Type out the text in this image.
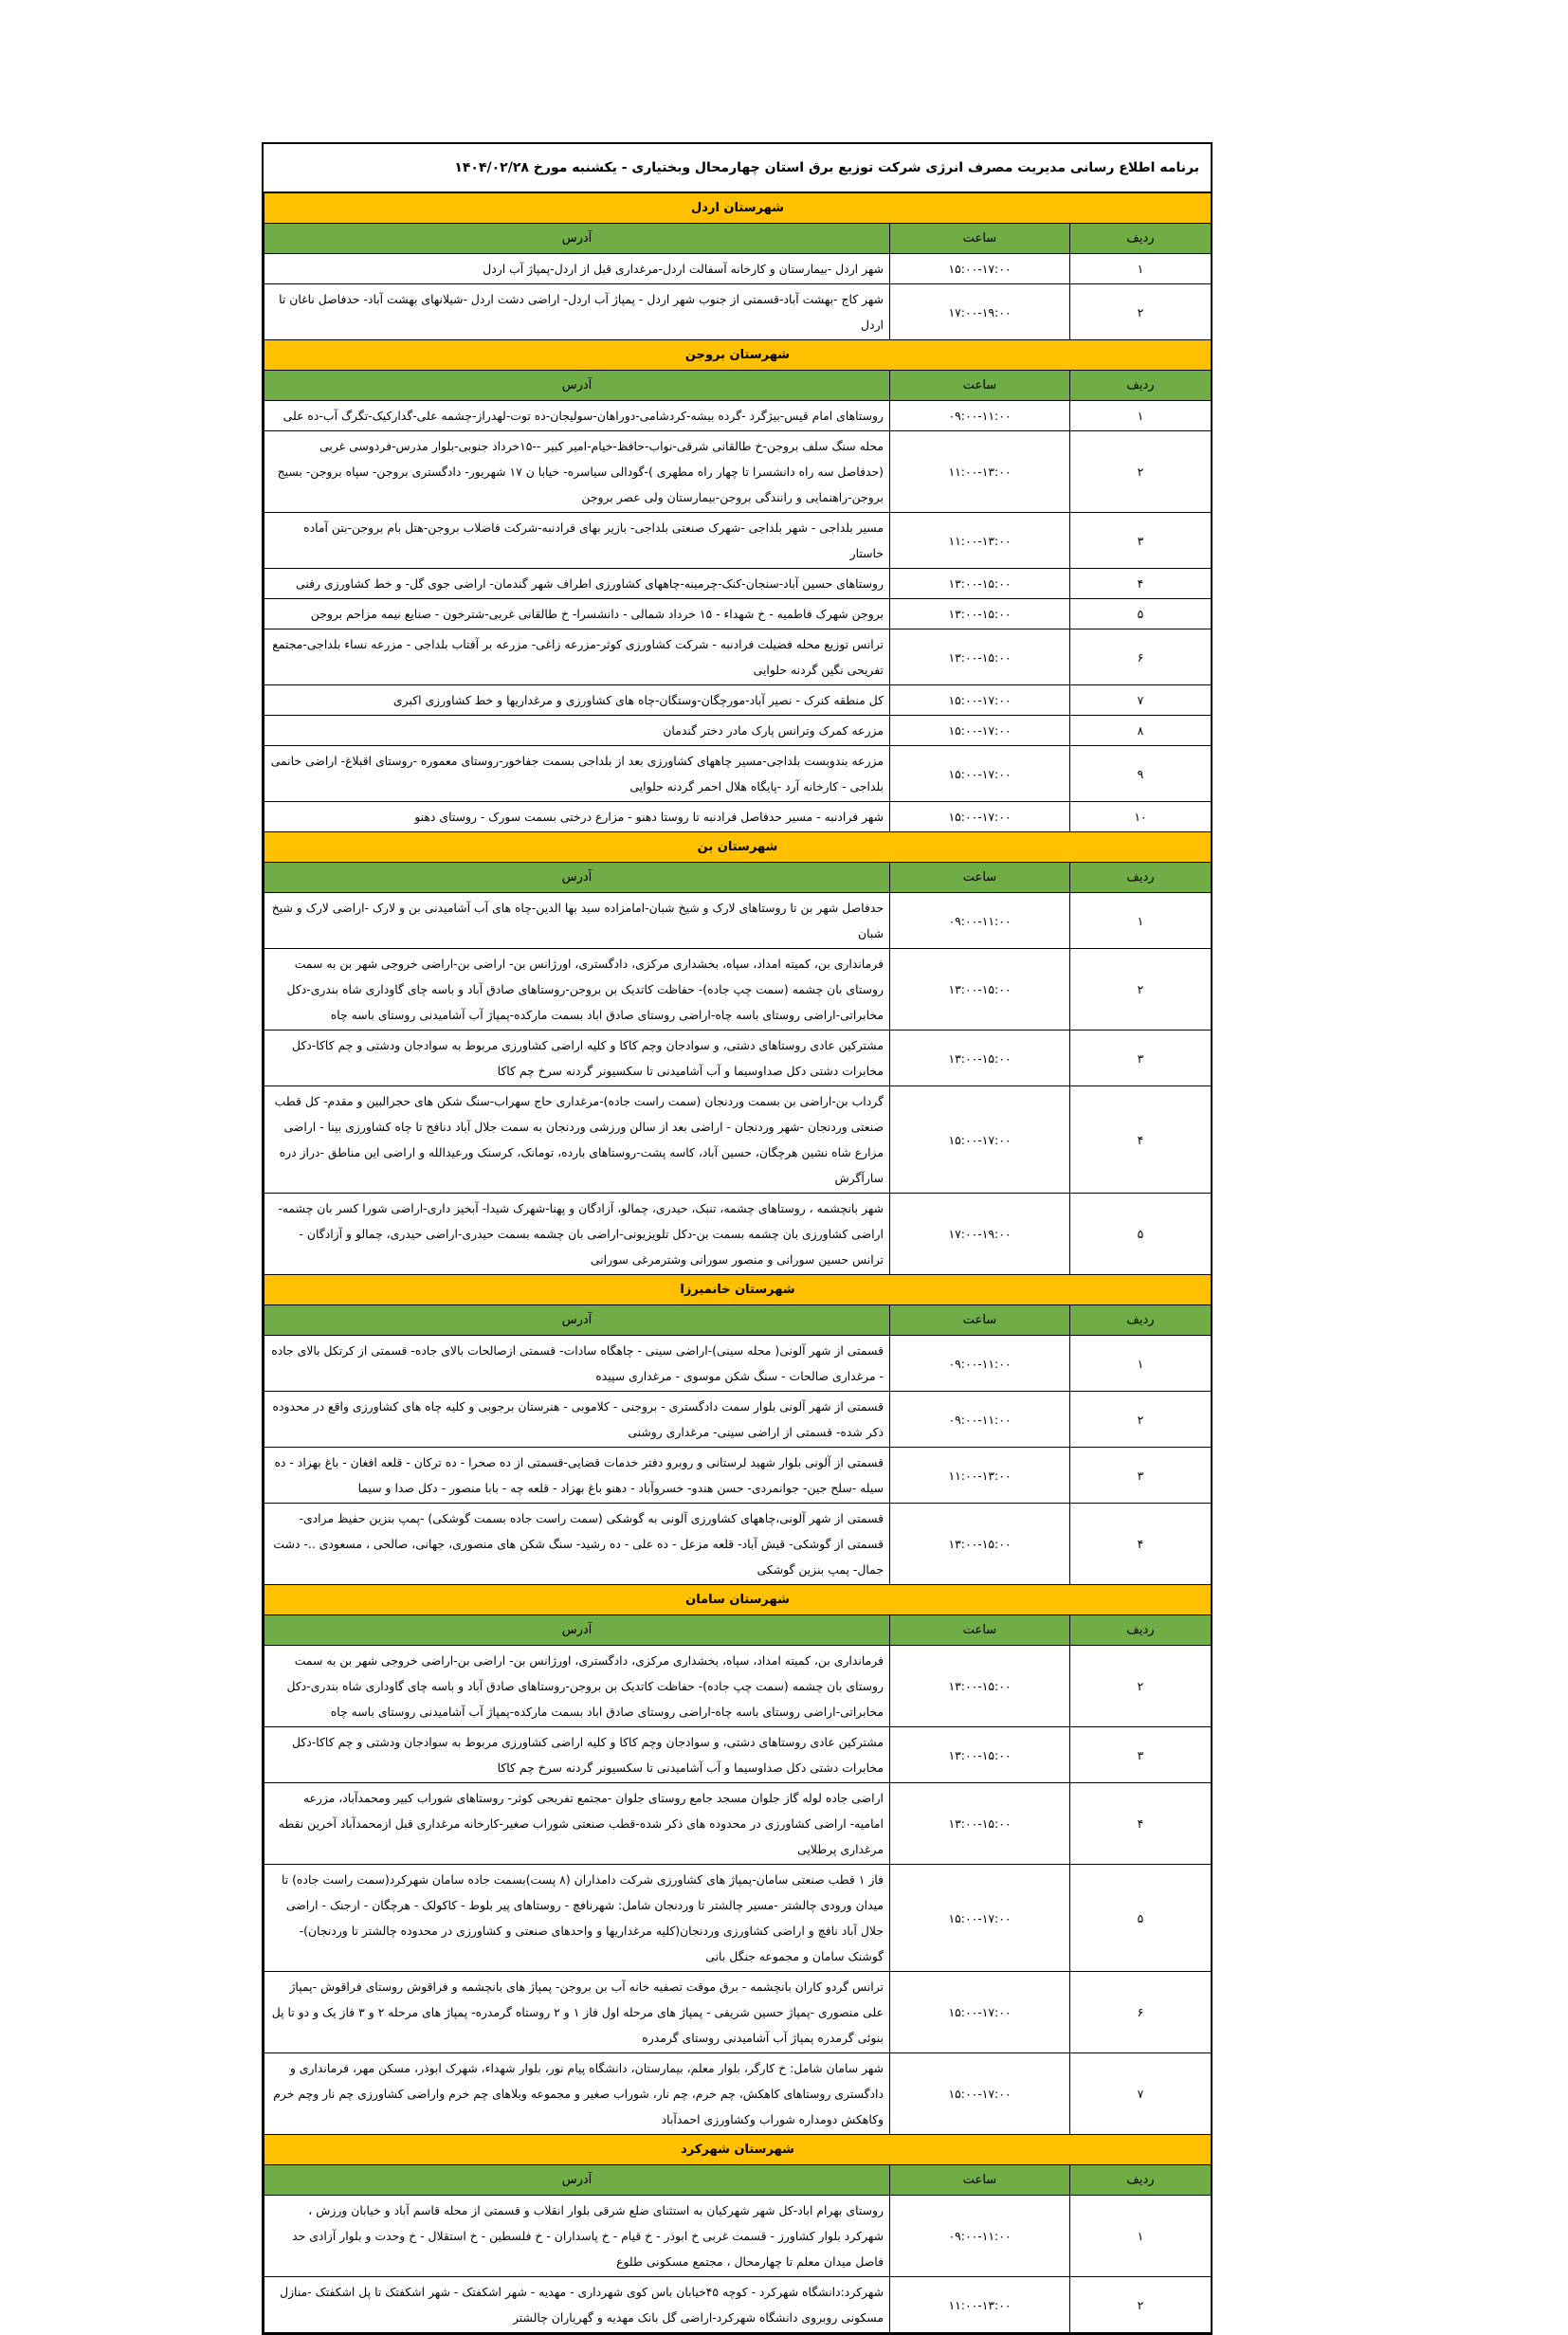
برنامه اطلاع رسانی مدیریت مصرف انرژی شرکت توزیع برق استان چهارمحال وبختیاری - یکشنبه مورخ ۱۴۰۴/۰۲/۲۸
شهرستان اردل		
آدرس	ساعت	ردیف
شهر اردل -بیمارستان و کارخانه آسفالت اردل-مرغداری قبل از اردل-پمپاژ آب اردل	۱۵:۰۰-۱۷:۰۰	۱
شهر کاج -بهشت آباد-قسمتی از جنوب شهر اردل - پمپاژ آب اردل- اراضی دشت اردل -شیلانهای بهشت آباد- حدفاصل ناغان تا اردل	۱۷:۰۰-۱۹:۰۰	۲
شهرستان بروجن		
آدرس	ساعت	ردیف
روستاهای امام قیس-بیژگرد -گرده بیشه-کردشامی-دوراهان-سولیجان-ده توت-لهدراز-چشمه علی-گدارکیک-تگرگ آب-ده علی	۰۹:۰۰-۱۱:۰۰	۱
محله سنگ سلف بروجن-خ طالقانی شرقی-نواب-حافظ-خیام-امیر کبیر --۱۵خرداد جنوبی-بلوار مدرس-فردوسی غربی (حدفاصل سه راه دانشسرا تا چهار راه مطهری )-گودالی سیاسره- خیابا ن ۱۷ شهریور- دادگستری بروجن- سپاه بروجن- بسیج بروجن-راهنمایی و رانندگی بروجن-بیمارستان ولی عصر بروجن	۱۱:۰۰-۱۳:۰۰	۲
مسیر بلداجی - شهر بلداجی -شهرک صنعتی بلداجی- بازیر بهای فرادنبه-شرکت فاضلاب بروجن-هتل بام بروجن-بتن آماده خاستار	۱۱:۰۰-۱۳:۰۰	۳
روستاهای حسین آباد-سنجان-کنک-چرمینه-چاههای کشاورزی اطراف شهر گندمان- اراضی جوی گل- و خط کشاورزی رفنی	۱۳:۰۰-۱۵:۰۰	۴
بروجن شهرک فاطمیه - خ شهداء - ۱۵ خرداد شمالی - دانشسرا- خ طالقانی غربی-شترخون - صنایع نیمه مزاحم بروجن	۱۳:۰۰-۱۵:۰۰	۵
ترانس توزیع محله فضیلت فرادنبه - شرکت کشاورزی کوثر-مزرعه زاغی- مزرعه بر آفتاب بلداجی - مزرعه نساء بلداجی-مجتمع تفریحی نگین گردنه حلوایی	۱۳:۰۰-۱۵:۰۰	۶
کل منطقه کنرک - نصیر آباد-مورچگان-وستگان-چاه های کشاورزی و مرغداریها و خط کشاورزی اکبری	۱۵:۰۰-۱۷:۰۰	۷
مزرعه کمرک وترانس پارک مادر دختر گندمان	۱۵:۰۰-۱۷:۰۰	۸
مزرعه بندوبست بلداجی-مسیر چاههای کشاورزی بعد از بلداجی بسمت جفاخور-روستای معموره -روستای اقبلاغ- اراضی خانمی بلداجی - کارخانه آرد -پایگاه هلال احمر گردنه حلوایی	۱۵:۰۰-۱۷:۰۰	۹
شهر فرادنبه - مسیر حدفاصل فرادنبه تا روستا دهنو - مزارع درختی بسمت سورک - روستای دهنو	۱۵:۰۰-۱۷:۰۰	۱۰
شهرستان بن		
آدرس	ساعت	ردیف
حدفاصل شهر بن تا روستاهای لارک و شیخ شبان-امامزاده سید بها الدین-چاه های آب آشامیدنی بن و لارک -اراضی لارک و شیخ شبان	۰۹:۰۰-۱۱:۰۰	۱
فرمانداری بن، کمیته امداد، سپاه، بخشداری مرکزی، دادگستری، اورژانس بن- اراضی بن-اراضی خروجی شهر بن به سمت روستای بان چشمه (سمت چپ جاده)- حفاظت کاتدیک بن بروجن-روستاهای صادق آباد و باسه چای گاوداری شاه بندری-دکل مخابراتی-اراضی روستای باسه چاه-اراضی روستای صادق اباد بسمت مارکده-پمپاژ آب آشامیدنی روستای باسه چاه	۱۳:۰۰-۱۵:۰۰	۲
مشترکین عادی روستاهای دشتی، و سوادجان وچم کاکا و کلیه اراضی کشاورزی مربوط به سوادجان ودشتی و چم کاکا-دکل مخابرات دشتی دکل صداوسیما و آب آشامیدنی تا سکسیونر گردنه سرخ چم کاکا	۱۳:۰۰-۱۵:۰۰	۳
گرداب بن-اراضی بن بسمت وردنجان (سمت راست جاده)-مرغداری حاج سهراب-سنگ شکن های حجرالبین و مقدم- کل قطب صنعتی وردنجان -شهر وردنجان - اراضی بعد از سالن ورزشی وردنجان به سمت جلال آباد دنافج تا چاه کشاورزی بینا - اراضی مزارع شاه نشین هرچگان، حسین آباد، کاسه پشت-روستاهای بارده، تومانک، کرسنک ورعیدالله و اراضی این مناطق -دراز دره سارآگرش	۱۵:۰۰-۱۷:۰۰	۴
شهر بانچشمه ، روستاهای چشمه، تنبک، حیدری، چمالو، آزادگان و پهنا-شهرک شیدا- آبخیز داری-اراضی شورا کسر بان چشمه-اراضی کشاورزی بان چشمه بسمت بن-دکل تلویزیونی-اراضی بان چشمه بسمت حیدری-اراضی حیدری، چمالو و آزادگان - ترانس حسین سورانی و منصور سورانی وشترمرغی سورانی	۱۷:۰۰-۱۹:۰۰	۵
شهرستان خانمیرزا		
آدرس	ساعت	ردیف
قسمتی از شهر آلونی( محله سینی)-اراضی سینی - چاهگاه سادات- قسمتی ازصالحات بالای جاده- قسمتی از کرتکل بالای جاده - مرغداری صالحات - سنگ شکن موسوی - مرغداری سپیده	۰۹:۰۰-۱۱:۰۰	۱
قسمتی از شهر آلونی بلوار سمت دادگستری - بروجنی - کلاموبی - هنرستان برجوبی و کلیه چاه های کشاورزی واقع در محدوده ذکر شده- قسمتی از اراضی سینی- مرغداری روشنی	۰۹:۰۰-۱۱:۰۰	۲
قسمتی از آلونی بلوار شهید لرستانی و روبرو دفتر خدمات قضایی-قسمتی از ده صحرا - ده ترکان - قلعه افغان - باغ بهزاد - ده سیله -سلح جین- جوانمردی- حسن هندو- خسروآباد - دهنو باغ بهزاد - قلعه چه - بابا منصور - دکل صدا و سیما	۱۱:۰۰-۱۳:۰۰	۳
قسمتی از شهر آلونی،چاههای کشاورزی آلونی به گوشکی (سمت راست جاده بسمت گوشکی) -پمپ بنزین حفیظ مرادی- قسمتی از گوشکی- قیش آباد- قلعه مزعل - ده علی - ده رشید- سنگ شکن های منصوری، جهانی، صالحی ، مسعودی ..- دشت جمال- پمپ بنزین گوشکی	۱۳:۰۰-۱۵:۰۰	۴
شهرستان سامان		
آدرس	ساعت	ردیف
فرمانداری بن، کمیته امداد، سپاه، بخشداری مرکزی، دادگستری، اورژانس بن- اراضی بن-اراضی خروجی شهر بن به سمت روستای بان چشمه (سمت چپ جاده)- حفاظت کاتدیک بن بروجن-روستاهای صادق آباد و باسه چای گاوداری شاه بندری-دکل مخابراتی-اراضی روستای باسه چاه-اراضی روستای صادق اباد بسمت مارکده-پمپاژ آب آشامیدنی روستای باسه چاه	۱۳:۰۰-۱۵:۰۰	۲
مشترکین عادی روستاهای دشتی، و سوادجان وچم کاکا و کلیه اراضی کشاورزی مربوط به سوادجان ودشتی و چم کاکا-دکل مخابرات دشتی دکل صداوسیما و آب آشامیدنی تا سکسیونر گردنه سرخ چم کاکا	۱۳:۰۰-۱۵:۰۰	۳
اراضی جاده لوله گاز جلوان مسجد جامع روستای جلوان -مجتمع تفریحی کوثر- روستاهای شوراب کبیر ومحمدآباد، مزرعه امامیه- اراضی کشاورزی در محدوده های ذکر شده-قطب صنعتی شوراب صغیر-کارخانه مرغداری قبل ازمحمدآباد آخرین نقطه مرغداری پرطلایی	۱۳:۰۰-۱۵:۰۰	۴
فاز ۱ قطب صنعتی سامان-پمپاژ های کشاورزی شرکت دامداران (۸ پست)بسمت جاده سامان شهرکرد(سمت راست جاده) تا میدان ورودی چالشتر -مسیر چالشتر تا وردنجان شامل: شهرنافچ - روستاهای پیر بلوط - کاکولک - هرچگان - ارجنک - اراضی جلال آباد نافچ و اراضی کشاورزی وردنجان(کلیه مرغداریها و واحدهای صنعتی و کشاورزی در محدوده چالشتر تا وردنجان)-گوشنک سامان و مجموعه جنگل بانی	۱۵:۰۰-۱۷:۰۰	۵
ترانس گردو کاران بانچشمه - برق موقت تصفیه خانه آب بن بروجن- پمپاژ های بانچشمه و فراقوش روستای فراقوش -پمپاژ علی منصوری -پمپاژ حسین شریفی - پمپاژ های مرحله اول فاز ۱ و ۲ روستاه گرمدره- پمپاژ های مرحله ۲ و ۳ فاز یک و دو تا پل بنوئی گرمدره پمپاژ آب آشامیدنی روستای گرمدره	۱۵:۰۰-۱۷:۰۰	۶
شهر سامان شامل: خ کارگر، بلوار معلم، بیمارستان، دانشگاه پیام نور، بلوار شهداء، شهرک ابوذر، مسکن مهر، فرمانداری و دادگستری روستاهای کاهکش، چم خرم، چم نار، شوراب صغیر و مجموعه وبلاهای چم خرم واراضی کشاورزی چم نار وچم خرم وکاهکش دومداره شوراب وکشاورزی احمدآباد	۱۵:۰۰-۱۷:۰۰	۷
شهرستان شهرکرد		
آدرس	ساعت	ردیف
روستای بهرام اباد-کل شهر شهرکیان به استثنای ضلع شرقی بلوار انقلاب و قسمتی از محله قاسم آباد و خیابان ورزش ، شهرکرد بلوار کشاورز - قسمت غربی خ ابوذر - خ قیام - خ پاسداران - خ فلسطین - خ استقلال - خ وحدت و بلوار آزادی حد فاصل میدان معلم تا چهارمحال ، مجتمع مسکونی طلوع	۰۹:۰۰-۱۱:۰۰	۱
شهرکرد:دانشگاه شهرکرد - کوچه ۴۵خیابان باس کوی شهرداری - مهدیه - شهر اشکفتک - شهر اشکفتک تا پل اشکفتک -منازل مسکونی روبروی دانشگاه شهرکرد-اراضی گل بانک مهدیه و گهریاران چالشتر	۱۱:۰۰-۱۳:۰۰	۲
